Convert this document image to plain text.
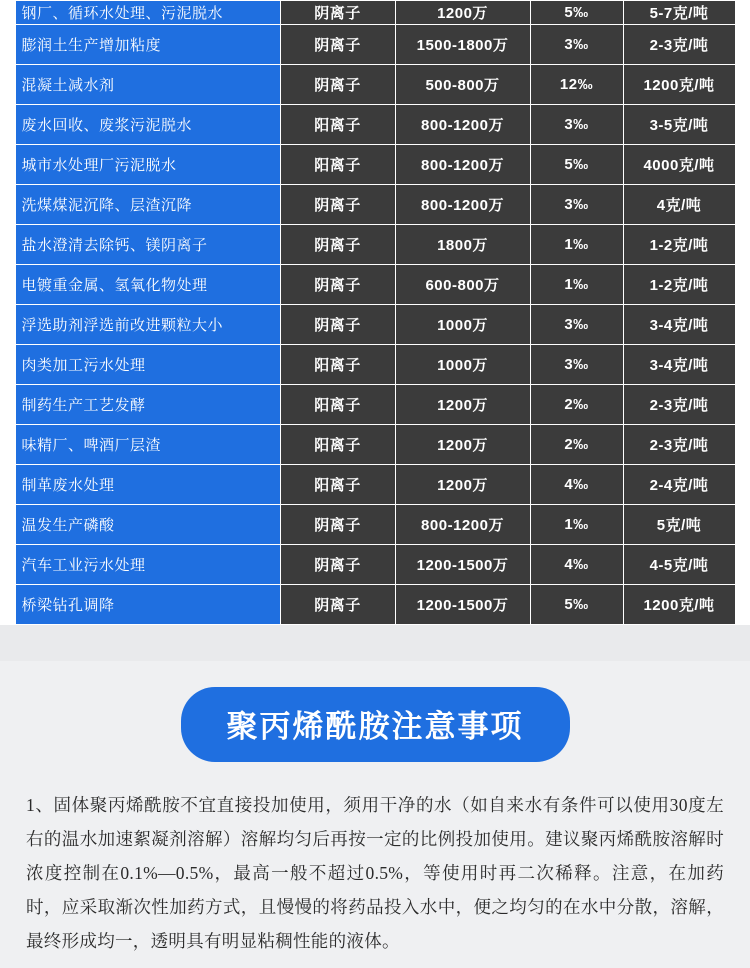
钢厂、循环水处理、污泥脱水	阴离子	1200万	5‰	5-7克/吨
膨润土生产增加粘度	阴离子	1500-1800万	3‰	2-3克/吨
混凝土减水剂	阴离子	500-800万	12‰	1200克/吨
废水回收、废浆污泥脱水	阳离子	800-1200万	3‰	3-5克/吨
城市水处理厂污泥脱水	阳离子	800-1200万	5‰	4000克/吨
洗煤煤泥沉降、层渣沉降	阴离子	800-1200万	3‰	4克/吨
盐水澄清去除钙、镁阴离子	阴离子	1800万	1‰	1-2克/吨
电镀重金属、氢氧化物处理	阴离子	600-800万	1‰	1-2克/吨
浮选助剂浮选前改进颗粒大小	阴离子	1000万	3‰	3-4克/吨
肉类加工污水处理	阳离子	1000万	3‰	3-4克/吨
制药生产工艺发酵	阳离子	1200万	2‰	2-3克/吨
味精厂、啤酒厂层渣	阳离子	1200万	2‰	2-3克/吨
制革废水处理	阳离子	1200万	4‰	2-4克/吨
温发生产磷酸	阴离子	800-1200万	1‰	5克/吨
汽车工业污水处理	阴离子	1200-1500万	4‰	4-5克/吨
桥梁钻孔调降	阴离子	1200-1500万	5‰	1200克/吨
聚丙烯酰胺注意事项

1、固体聚丙烯酰胺不宜直接投加使用，须用干净的水（如自来水有条件可以使用30度左右的温水加速絮凝剂溶解）溶解均匀后再按一定的比例投加使用。建议聚丙烯酰胺溶解时浓度控制在0.1%—0.5%，最高一般不超过0.5%，等使用时再二次稀释。注意，在加药时，应采取渐次性加药方式，且慢慢的将药品投入水中，便之均匀的在水中分散，溶解，最终形成均一，透明具有明显粘稠性能的液体。
